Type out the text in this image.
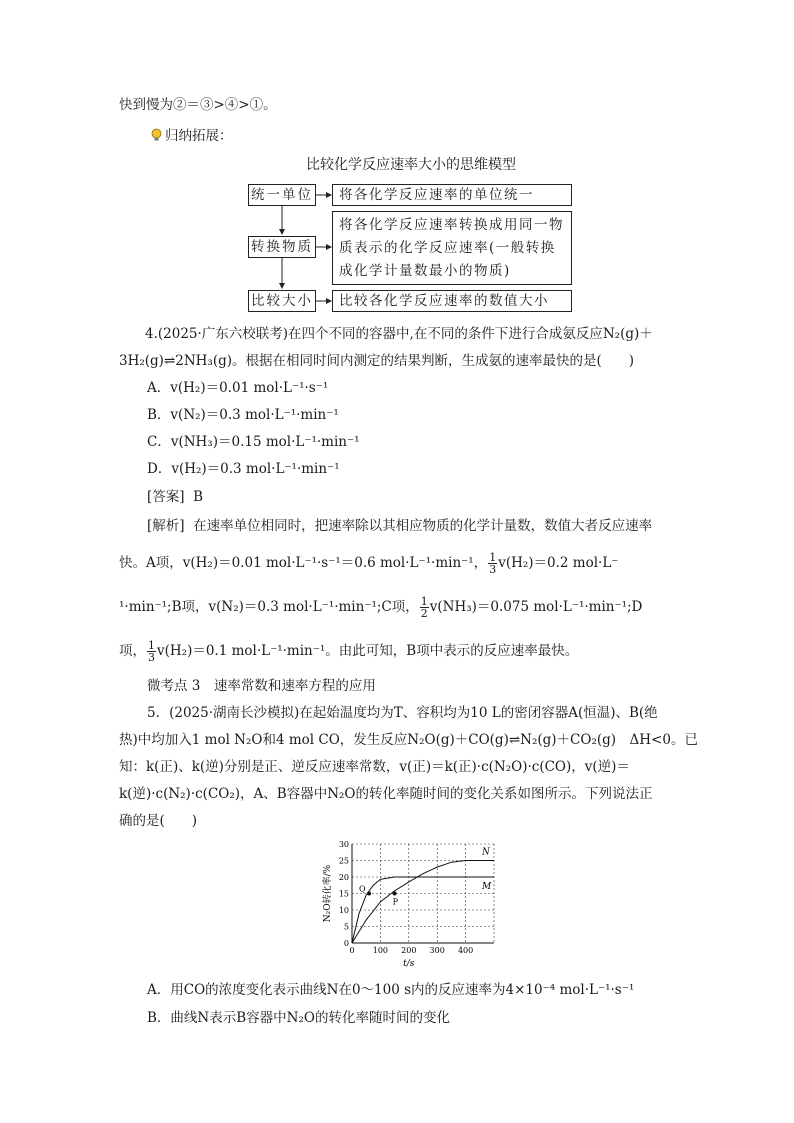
快到慢为②＝③>④>①。
归纳拓展：
比较化学反应速率大小的思维模型
统一单位	将各化学反应速率的单位统一
转换物质
将各化学反应速率转换成用同一物
质表示的化学反应速率(一般转换
成化学计量数最小的物质)
比较大小	比较各化学反应速率的数值大小
4.(2025·广东六校联考)在四个不同的容器中,在不同的条件下进行合成氨反应N₂(g)＋
3H₂(g)⇌2NH₃(g)。根据在相同时间内测定的结果判断，生成氨的速率最快的是(　　)
A．v(H₂)＝0.01 mol·L⁻¹·s⁻¹
B．v(N₂)＝0.3 mol·L⁻¹·min⁻¹
C．v(NH₃)＝0.15 mol·L⁻¹·min⁻¹
D．v(H₂)＝0.3 mol·L⁻¹·min⁻¹
[答案] B
[解析] 在速率单位相同时，把速率除以其相应物质的化学计量数，数值大者反应速率
快。A项，v(H₂)＝0.01 mol·L⁻¹·s⁻¹＝0.6 mol·L⁻¹·min⁻¹， $\frac{1}{3} v(H_2)=0.2$ mol·L⁻
¹·min⁻¹;B项，v(N₂)＝0.3 mol·L⁻¹·min⁻¹;C项， $\frac{1}{2} v(NH_3)=0.075$ mol·L⁻¹·min⁻¹;D
项， $\frac{1}{3} v(H_2)=0.1$ mol·L⁻¹·min⁻¹。由此可知，B项中表示的反应速率最快。
微考点 3　速率常数和速率方程的应用
5．(2025·湖南长沙模拟)在起始温度均为T、容积均为10 L的密闭容器A(恒温)、B(绝
热)中均加入1 mol N₂O和4 mol CO，发生反应N₂O(g)＋CO(g)⇌N₂(g)＋CO₂(g)　ΔH<0。已
知：k(正)、k(逆)分别是正、逆反应速率常数，v(正)＝k(正)·c(N₂O)·c(CO)，v(逆)＝
k(逆)·c(N₂)·c(CO₂)，A、B容器中N₂O的转化率随时间的变化关系如图所示。下列说法正
确的是(　　)
0
5
10
15
20
25
30
0 100 200 300 400
N
M
Q
P
t/s
N₂O转化率/%
A．用CO的浓度变化表示曲线N在0～100 s内的反应速率为4×10⁻⁴ mol·L⁻¹·s⁻¹
B．曲线N表示B容器中N₂O的转化率随时间的变化
